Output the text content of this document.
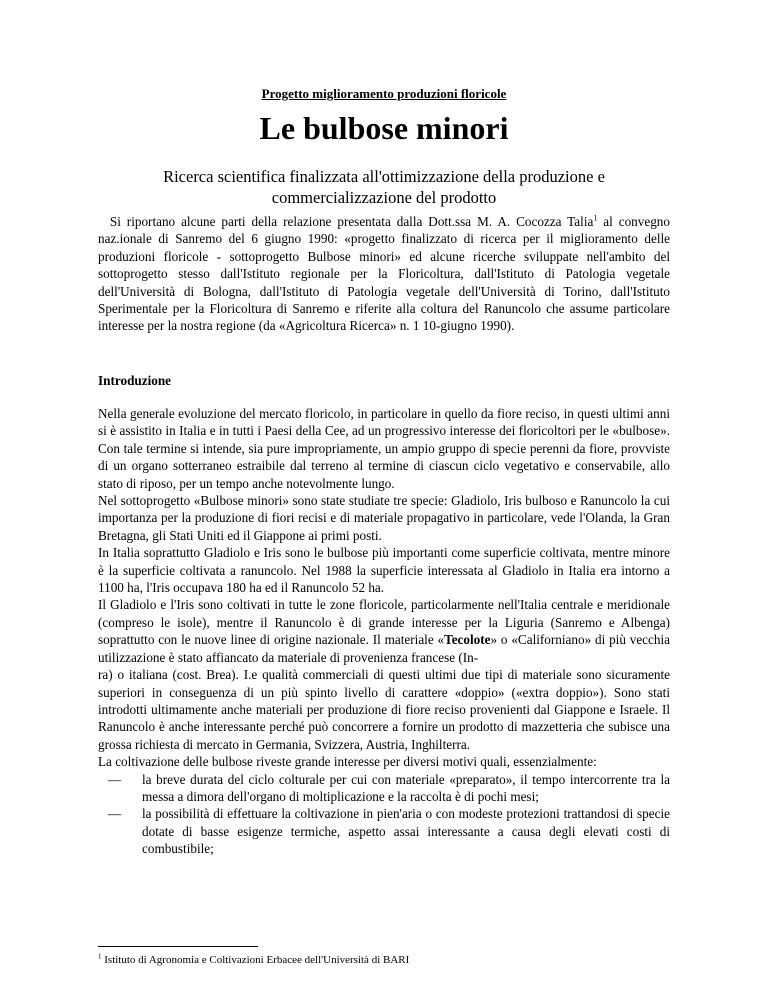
Progetto miglioramento produzioni floricole
Le bulbose minori
Ricerca scientifica finalizzata all'ottimizzazione della produzione e
commercializzazione del prodotto
Si riportano alcune parti della relazione presentata dalla Dott.ssa M. A. Cocozza Talia$^1$ al convegno naz.ionale di Sanremo del 6 giugno 1990: «progetto finalizzato di ricerca per il miglioramento delle produzioni floricole - sottoprogetto Bulbose minori» ed alcune ricerche sviluppate nell'ambito del sottoprogetto stesso dall'Istituto regionale per la Floricoltura, dall'Istituto di Patologia vegetale dell'Università di Bologna, dall'Istituto di Patologia vegetale dell'Università di Torino, dall'Istituto Sperimentale per la Floricoltura di Sanremo e riferite alla coltura del Ranuncolo che assume particolare interesse per la nostra regione (da «Agricoltura Ricerca» n. 1 10-giugno 1990).
Introduzione

Nella generale evoluzione del mercato floricolo, in particolare in quello da fiore reciso, in questi ultimi anni si è assistito in Italia e in tutti i Paesi della Cee, ad un progressivo interesse dei floricoltori per le «bulbose». Con tale termine si intende, sia pure impropriamente, un ampio gruppo di specie perenni da fiore, provviste di un organo sotterraneo estraibile dal terreno al termine di ciascun ciclo vegetativo e conservabile, allo stato di riposo, per un tempo anche notevolmente lungo.

Nel sottoprogetto «Bulbose minori» sono state studiate tre specie: Gladiolo, Iris bulboso e Ranuncolo la cui importanza per la produzione di fiori recisi e di materiale propagativo in particolare, vede l'Olanda, la Gran Bretagna, gli Stati Uniti ed il Giappone ai primi posti.

In Italia soprattutto Gladiolo e Iris sono le bulbose più importanti come superficie coltivata, mentre minore è la superficie coltivata a ranuncolo. Nel 1988 la superficie interessata al Gladiolo in Italia era intorno a 1100 ha, l'Iris occupava 180 ha ed il Ranuncolo 52 ha.

Il Gladiolo e l'Iris sono coltivati in tutte le zone floricole, particolarmente nell'Italia centrale e meridionale (compreso le isole), mentre il Ranuncolo è di grande interesse per la Liguria (Sanremo e Albenga) soprattutto con le nuove linee di origine nazionale. Il materiale «Tecolote» o «Californiano» di più vecchia utilizzazione è stato affiancato da materiale di provenienza francese (In-

ra) o italiana (cost. Brea). I.e qualità commerciali di questi ultimi due tipi di materiale sono sicuramente superiori in conseguenza di un più spinto livello di carattere «doppio» («extra doppio»). Sono stati introdotti ultimamente anche materiali per produzione di fiore reciso provenienti dal Giappone e Israele. Il Ranuncolo è anche interessante perché può concorrere a fornire un prodotto di mazzetteria che subisce una grossa richiesta di mercato in Germania, Svizzera, Austria, Inghilterra.

La coltivazione delle bulbose riveste grande interesse per diversi motivi quali, essenzialmente:

— la breve durata del ciclo colturale per cui con materiale «preparato», il tempo intercorrente tra la messa a dimora dell'organo di moltiplicazione e la raccolta è di pochi mesi;
— la possibilità di effettuare la coltivazione in pien'aria o con modeste protezioni trattandosi di specie dotate di basse esigenze termiche, aspetto assai interessante a causa degli elevati costi di combustibile;
$^1$ Istituto di Agronomia e Coltivazioni Erbacee dell'Università di BARI
